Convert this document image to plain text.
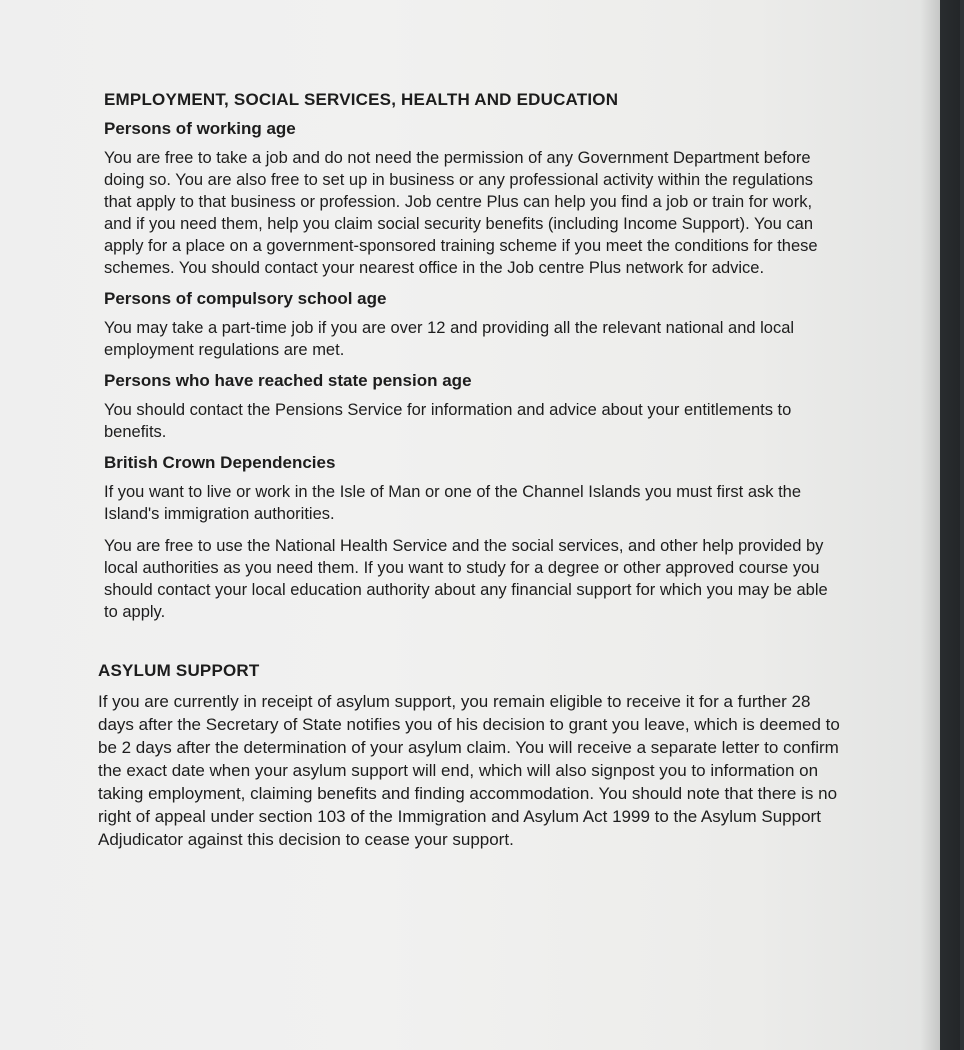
EMPLOYMENT, SOCIAL SERVICES, HEALTH AND EDUCATION
Persons of working age

You are free to take a job and do not need the permission of any Government Department before doing so. You are also free to set up in business or any professional activity within the regulations that apply to that business or profession. Job centre Plus can help you find a job or train for work, and if you need them, help you claim social security benefits (including Income Support). You can apply for a place on a government-sponsored training scheme if you meet the conditions for these schemes. You should contact your nearest office in the Job centre Plus network for advice.

Persons of compulsory school age

You may take a part-time job if you are over 12 and providing all the relevant national and local employment regulations are met.

Persons who have reached state pension age

You should contact the Pensions Service for information and advice about your entitlements to benefits.

British Crown Dependencies

If you want to live or work in the Isle of Man or one of the Channel Islands you must first ask the Island's immigration authorities.

You are free to use the National Health Service and the social services, and other help provided by local authorities as you need them. If you want to study for a degree or other approved course you should contact your local education authority about any financial support for which you may be able to apply.

ASYLUM SUPPORT

If you are currently in receipt of asylum support, you remain eligible to receive it for a further 28 days after the Secretary of State notifies you of his decision to grant you leave, which is deemed to be 2 days after the determination of your asylum claim. You will receive a separate letter to confirm the exact date when your asylum support will end, which will also signpost you to information on taking employment, claiming benefits and finding accommodation. You should note that there is no right of appeal under section 103 of the Immigration and Asylum Act 1999 to the Asylum Support Adjudicator against this decision to cease your support.
